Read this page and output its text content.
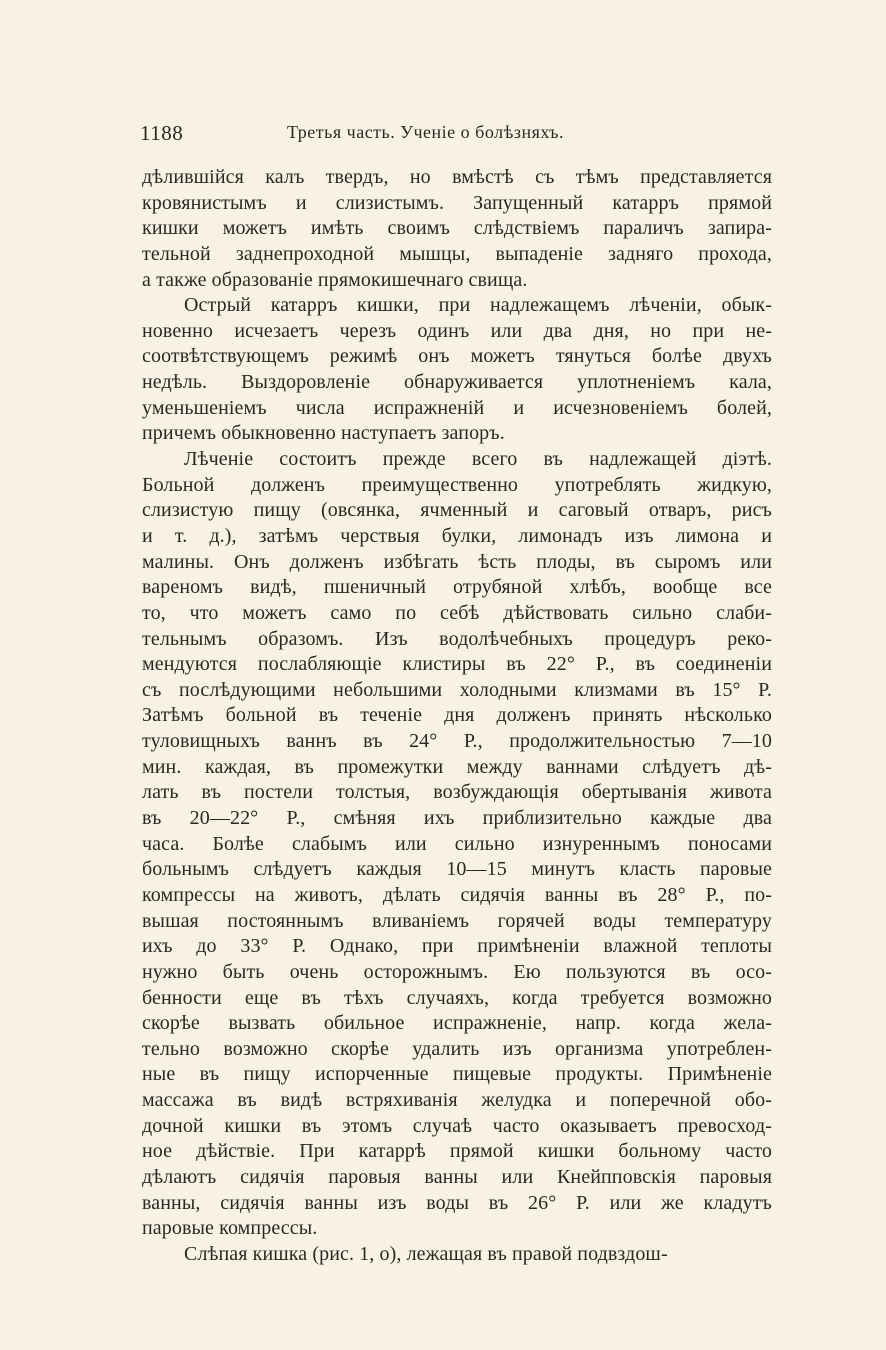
1188	Третья часть. Ученіе о болѣзняхъ.
дѣлившійся калъ твердъ, но вмѣстѣ съ тѣмъ представляется
кровянистымъ и слизистымъ. Запущенный катарръ прямой
кишки можетъ имѣть своимъ слѣдствіемъ параличъ запира-
тельной заднепроходной мышцы, выпаденіе задняго прохода,
а также образованіе прямокишечнаго свища.
Острый катарръ кишки, при надлежащемъ лѣченіи, обык-
новенно исчезаетъ черезъ одинъ или два дня, но при не-
соотвѣтствующемъ режимѣ онъ можетъ тянуться болѣе двухъ
недѣль. Выздоровленіе обнаруживается уплотненіемъ кала,
уменьшеніемъ числа испражненій и исчезновеніемъ болей,
причемъ обыкновенно наступаетъ запоръ.
Лѣченіе состоитъ прежде всего въ надлежащей діэтѣ.
Больной долженъ преимущественно употреблять жидкую,
слизистую пищу (овсянка, ячменный и саговый отваръ, рисъ
и т. д.), затѣмъ черствыя булки, лимонадъ изъ лимона и
малины. Онъ долженъ избѣгать ѣсть плоды, въ сыромъ или
вареномъ видѣ, пшеничный отрубяной хлѣбъ, вообще все
то, что можетъ само по себѣ дѣйствовать сильно слаби-
тельнымъ образомъ. Изъ водолѣчебныхъ процедуръ реко-
мендуются послабляющіе клистиры въ 22° Р., въ соединеніи
съ послѣдующими небольшими холодными клизмами въ 15° Р.
Затѣмъ больной въ теченіе дня долженъ принять нѣсколько
туловищныхъ ваннъ въ 24° Р., продолжительностью 7—10
мин. каждая, въ промежутки между ваннами слѣдуетъ дѣ-
лать въ постели толстыя, возбуждающія обертыванія живота
въ 20—22° Р., смѣняя ихъ приблизительно каждые два
часа. Болѣе слабымъ или сильно изнуреннымъ поносами
больнымъ слѣдуетъ каждыя 10—15 минутъ класть паровые
компрессы на животъ, дѣлать сидячія ванны въ 28° Р., по-
вышая постояннымъ вливаніемъ горячей воды температуру
ихъ до 33° Р. Однако, при примѣненіи влажной теплоты
нужно быть очень осторожнымъ. Ею пользуются въ осо-
бенности еще въ тѣхъ случаяхъ, когда требуется возможно
скорѣе вызвать обильное испражненіе, напр. когда жела-
тельно возможно скорѣе удалить изъ организма употреблен-
ные въ пищу испорченные пищевые продукты. Примѣненіе
массажа въ видѣ встряхиванія желудка и поперечной обо-
дочной кишки въ этомъ случаѣ часто оказываетъ превосход-
ное дѣйствіе. При катаррѣ прямой кишки больному часто
дѣлаютъ сидячія паровыя ванны или Кнейпповскія паровыя
ванны, сидячія ванны изъ воды въ 26° Р. или же кладутъ
паровые компрессы.
Слѣпая кишка (рис. 1, о), лежащая въ правой подвздош-
